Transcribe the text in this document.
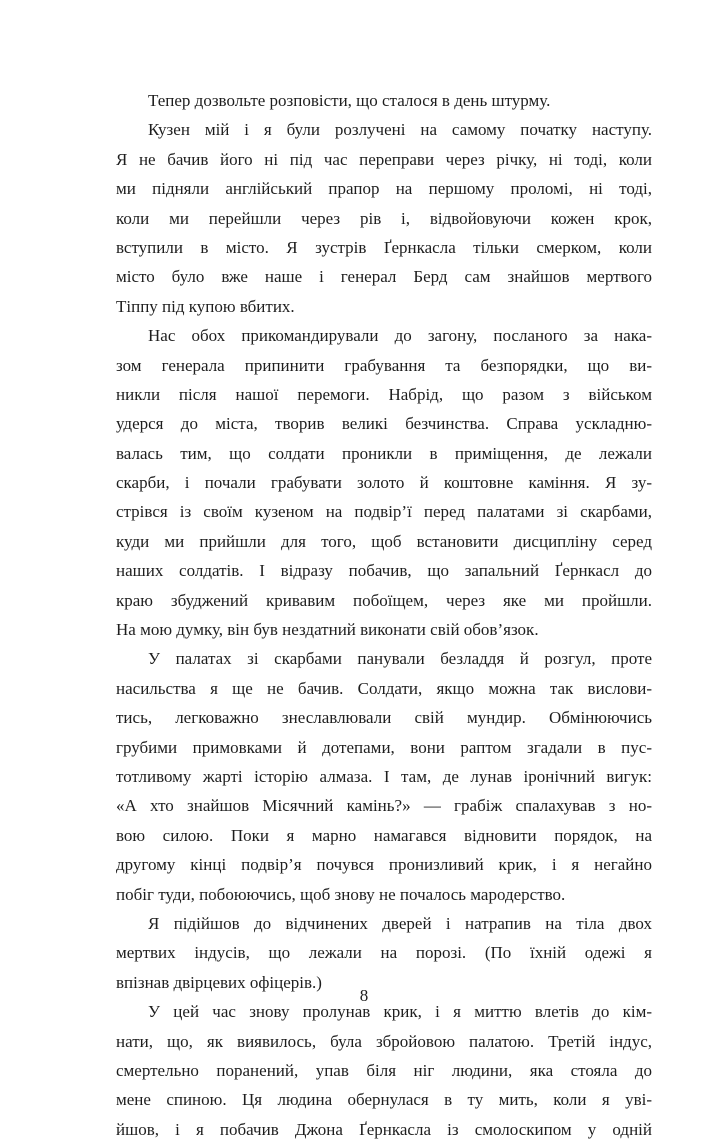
Тепер дозвольте розповісти, що сталося в день штурму.
Кузен мій і я були розлучені на самому початку наступу.
Я не бачив його ні під час переправи через річку, ні тоді, коли
ми підняли англійський прапор на першому проломі, ні тоді,
коли ми перейшли через рів і, відвойовуючи кожен крок,
вступили в місто. Я зустрів Ґернкасла тільки смерком, коли
місто було вже наше і генерал Берд сам знайшов мертвого
Тіппу під купою вбитих.
Нас обох прикомандирували до загону, посланого за нака-
зом генерала припинити грабування та безпорядки, що ви-
никли після нашої перемоги. Набрід, що разом з військом
удерся до міста, творив великі безчинства. Справа ускладню-
валась тим, що солдати проникли в приміщення, де лежали
скарби, і почали грабувати золото й коштовне каміння. Я зу-
стрівся із своїм кузеном на подвір’ї перед палатами зі скарбами,
куди ми прийшли для того, щоб встановити дисципліну серед
наших солдатів. І відразу побачив, що запальний Ґернкасл до
краю збуджений кривавим побоїщем, через яке ми пройшли.
На мою думку, він був нездатний виконати свій обов’язок.
У палатах зі скарбами панували безладдя й розгул, проте
насильства я ще не бачив. Солдати, якщо можна так вислови-
тись, легковажно знеславлювали свій мундир. Обмінюючись
грубими примовками й дотепами, вони раптом згадали в пус-
тотливому жарті історію алмаза. І там, де лунав іронічний вигук:
«А хто знайшов Місячний камінь?» — грабіж спалахував з но-
вою силою. Поки я марно намагався відновити порядок, на
другому кінці подвір’я почувся пронизливий крик, і я негайно
побіг туди, побоюючись, щоб знову не почалось мародерство.
Я підійшов до відчинених дверей і натрапив на тіла двох
мертвих індусів, що лежали на порозі. (По їхній одежі я
впізнав двірцевих офіцерів.)
У цей час знову пролунав крик, і я миттю влетів до кім-
нати, що, як виявилось, була збройовою палатою. Третій індус,
смертельно поранений, упав біля ніг людини, яка стояла до
мене спиною. Ця людина обернулася в ту мить, коли я уві-
йшов, і я побачив Джона Ґернкасла із смолоскипом у одній
8
